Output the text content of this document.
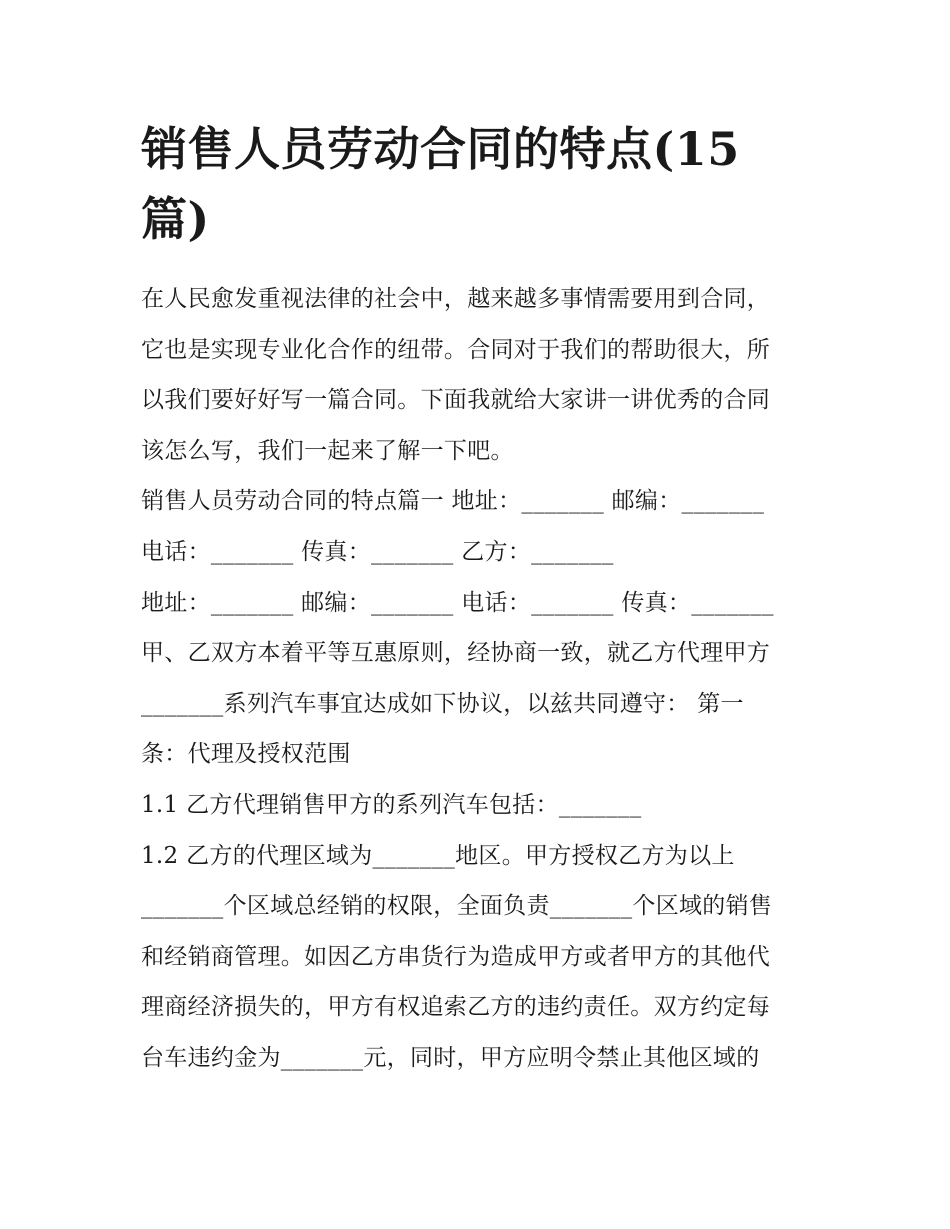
销售人员劳动合同的特点(15
篇)
在人民愈发重视法律的社会中，越来越多事情需要用到合同，
它也是实现专业化合作的纽带。合同对于我们的帮助很大，所
以我们要好好写一篇合同。下面我就给大家讲一讲优秀的合同
该怎么写，我们一起来了解一下吧。
销售人员劳动合同的特点篇一 地址：_______ 邮编：_______
电话：_______ 传真：_______ 乙方：_______
地址：_______ 邮编：_______ 电话：_______ 传真：_______
甲、乙双方本着平等互惠原则，经协商一致，就乙方代理甲方
_______系列汽车事宜达成如下协议，以兹共同遵守： 第一
条：代理及授权范围
1.1 乙方代理销售甲方的系列汽车包括：_______
1.2 乙方的代理区域为_______地区。甲方授权乙方为以上
_______个区域总经销的权限，全面负责_______个区域的销售
和经销商管理。如因乙方串货行为造成甲方或者甲方的其他代
理商经济损失的，甲方有权追索乙方的违约责任。双方约定每
台车违约金为_______元，同时，甲方应明令禁止其他区域的
